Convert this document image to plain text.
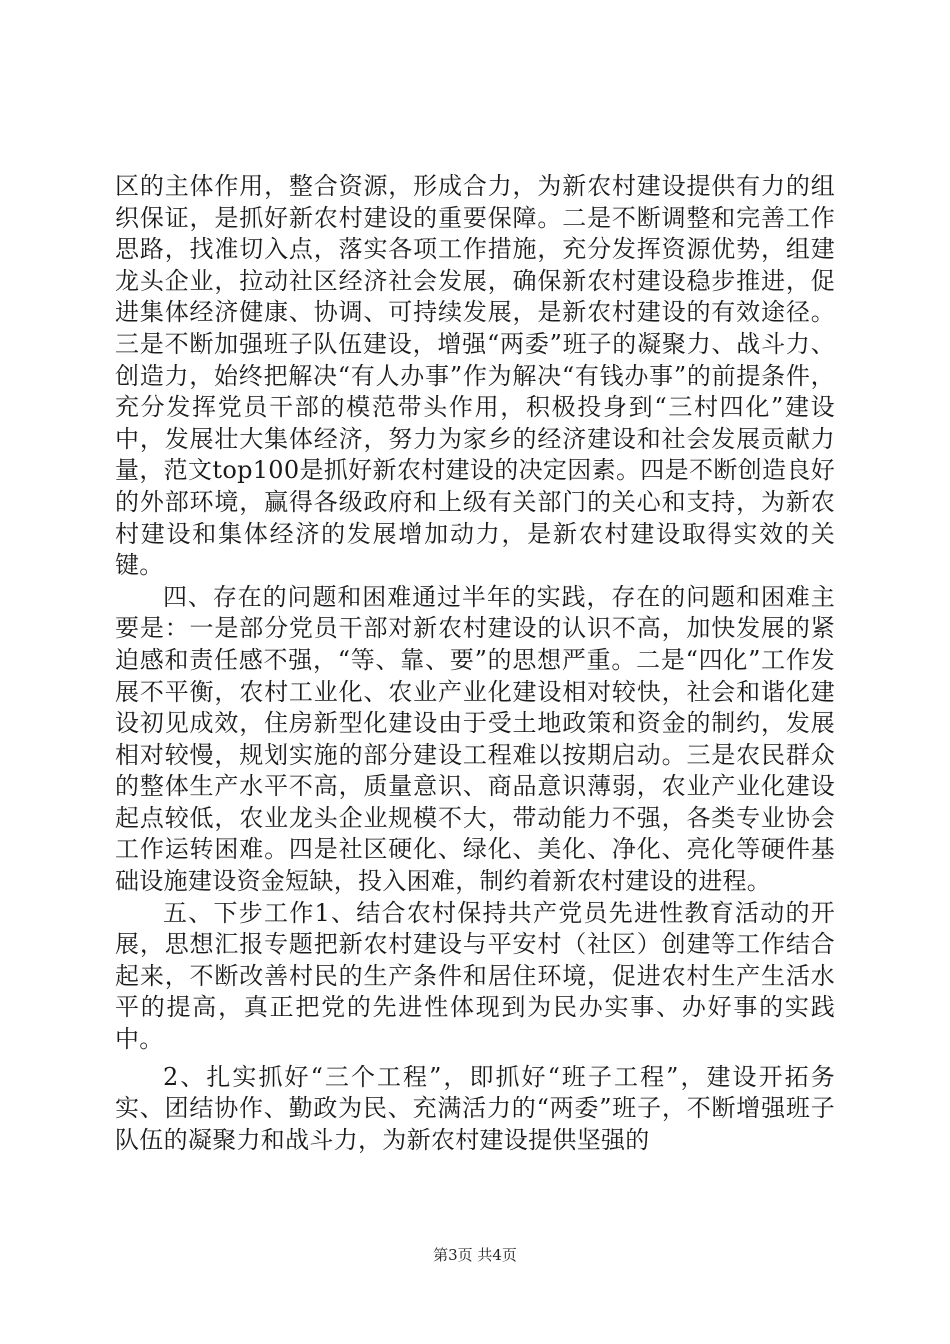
区的主体作用，整合资源，形成合力，为新农村建设提供有力的组织保证，是抓好新农村建设的重要保障。二是不断调整和完善工作思路，找准切入点，落实各项工作措施，充分发挥资源优势，组建龙头企业，拉动社区经济社会发展，确保新农村建设稳步推进，促进集体经济健康、协调、可持续发展，是新农村建设的有效途径。三是不断加强班子队伍建设，增强“两委”班子的凝聚力、战斗力、创造力，始终把解决“有人办事”作为解决“有钱办事”的前提条件，充分发挥党员干部的模范带头作用，积极投身到“三村四化”建设中，发展壮大集体经济，努力为家乡的经济建设和社会发展贡献力量，范文top100是抓好新农村建设的决定因素。四是不断创造良好的外部环境，赢得各级政府和上级有关部门的关心和支持，为新农村建设和集体经济的发展增加动力，是新农村建设取得实效的关键。

四、存在的问题和困难通过半年的实践，存在的问题和困难主要是：一是部分党员干部对新农村建设的认识不高，加快发展的紧迫感和责任感不强，“等、靠、要”的思想严重。二是“四化”工作发展不平衡，农村工业化、农业产业化建设相对较快，社会和谐化建设初见成效，住房新型化建设由于受土地政策和资金的制约，发展相对较慢，规划实施的部分建设工程难以按期启动。三是农民群众的整体生产水平不高，质量意识、商品意识薄弱，农业产业化建设起点较低，农业龙头企业规模不大，带动能力不强，各类专业协会工作运转困难。四是社区硬化、绿化、美化、净化、亮化等硬件基础设施建设资金短缺，投入困难，制约着新农村建设的进程。

五、下步工作1、结合农村保持共产党员先进性教育活动的开展，思想汇报专题把新农村建设与平安村（社区）创建等工作结合起来，不断改善村民的生产条件和居住环境，促进农村生产生活水平的提高，真正把党的先进性体现到为民办实事、办好事的实践中。

2、扎实抓好“三个工程”，即抓好“班子工程”，建设开拓务实、团结协作、勤政为民、充满活力的“两委”班子，不断增强班子队伍的凝聚力和战斗力，为新农村建设提供坚强的

第3页 共4页
